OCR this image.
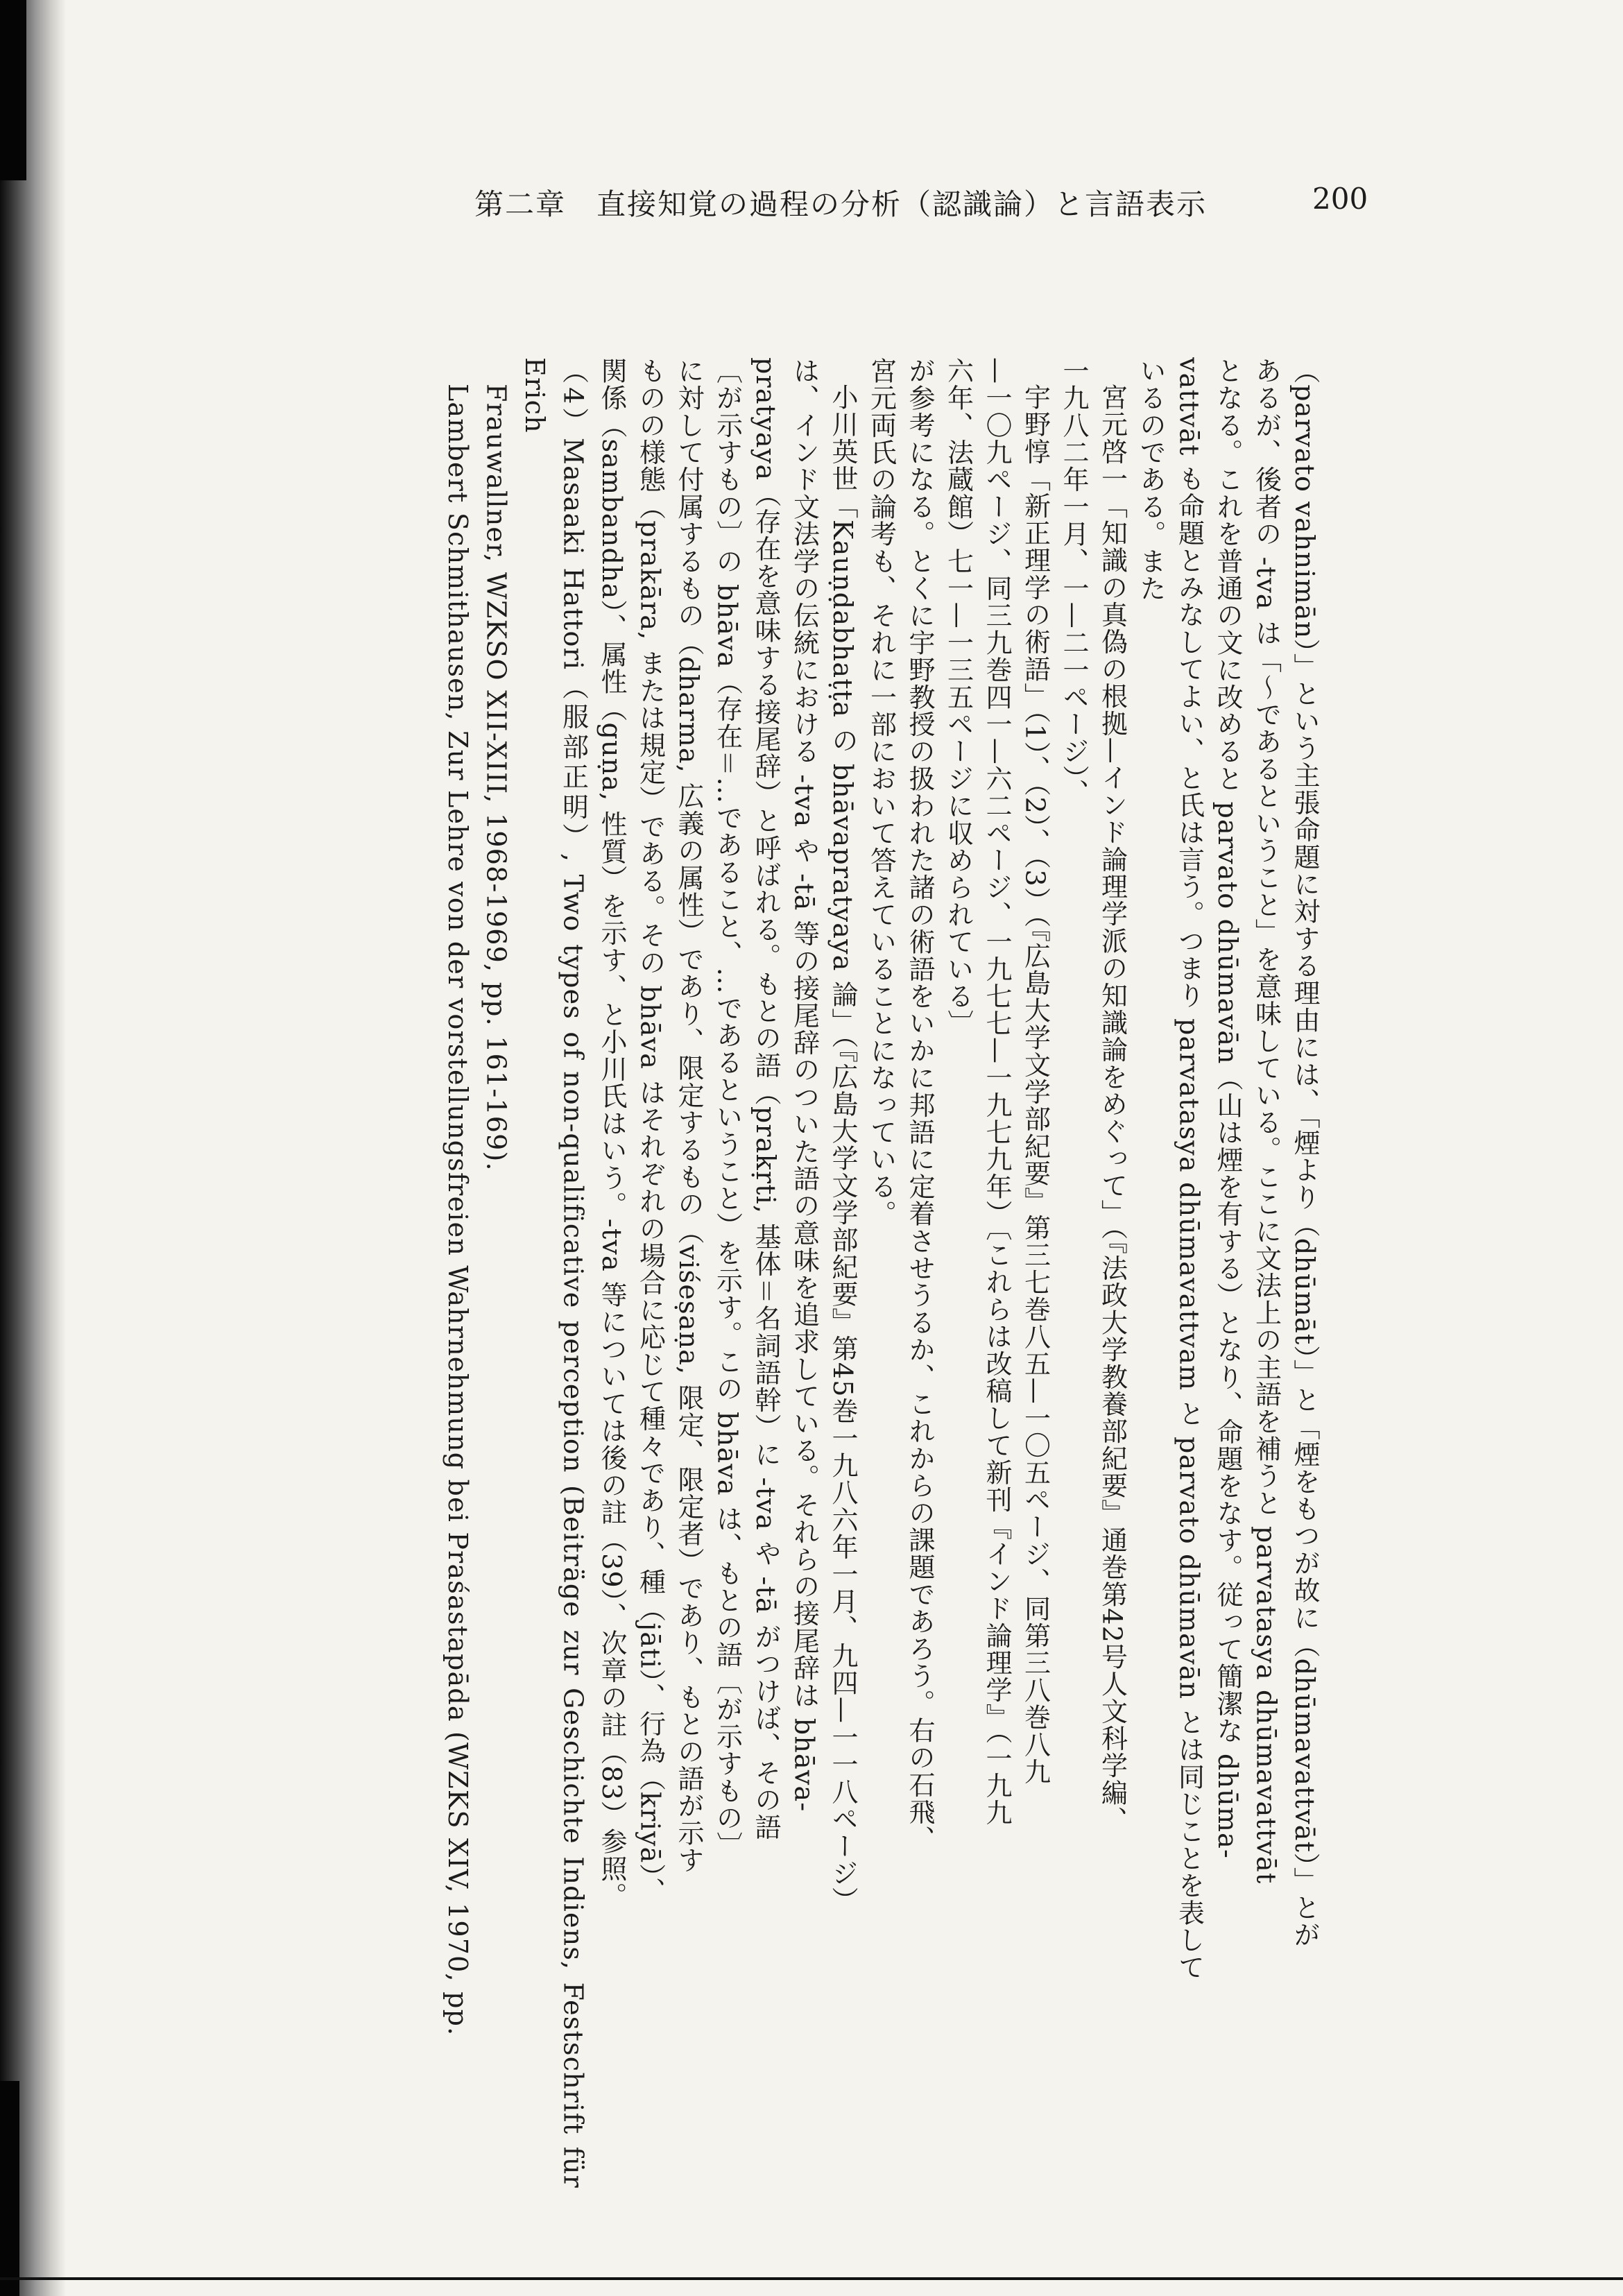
第二章　直接知覚の過程の分析（認識論）と言語表示	200

（parvato vahnimān）」という主張命題に対する理由には、「煙より（dhūmāt）」と「煙をもつが故に（dhūmavattvāt）」とが

あるが、後者の -tva は「～であるということ」を意味している。ここに文法上の主語を補うと parvatasya dhūmavattvāt

となる。これを普通の文に改めると parvato dhūmavān（山は煙を有する）となり、命題をなす。従って簡潔な dhūma-

vattvāt も命題とみなしてよい、と氏は言う。つまり parvatasya dhūmavattvam と parvato dhūmavān とは同じことを表して

いるのである。また

宮元啓一「知識の真偽の根拠—インド論理学派の知識論をめぐって」（『法政大学教養部紀要』通巻第42号人文科学編、

一九八二年一月、一—二一ページ）、

宇野惇「新正理学の術語」（1）、（2）、（3）（『広島大学文学部紀要』第三七巻八五—一〇五ページ、同第三八巻八九

—一〇九ページ、同三九巻四一—六二ページ、一九七七—一九七九年）〔これらは改稿して新刊『インド論理学』（一九九

六年、法蔵館）七一—一三五ページに収められている〕

が参考になる。とくに宇野教授の扱われた諸の術語をいかに邦語に定着させうるか、これからの課題であろう。右の石飛、

宮元両氏の論考も、それに一部において答えていることになっている。

小川英世「Kauṇḍabhaṭṭa の bhāvapratyaya 論」（『広島大学文学部紀要』第45巻一九八六年一月、九四—一一八ページ）

は、インド文法学の伝統における -tva や -tā 等の接尾辞のついた語の意味を追求している。それらの接尾辞は bhāva-

pratyaya（存在を意味する接尾辞）と呼ばれる。もとの語（prakṛti, 基体＝名詞語幹）に -tva や -tā がつけば、その語

〔が示すもの〕の bhāva（存在＝…であること、…であるということ）を示す。この bhāva は、もとの語〔が示すもの〕

に対して付属するもの（dharma, 広義の属性）であり、限定するもの（viśeṣaṇa, 限定、限定者）であり、もとの語が示す

ものの様態（prakāra, または規定）である。その bhāva はそれぞれの場合に応じて種々であり、種（jāti）、行為（kriyā）、

関係（sambandha）、属性（guṇa, 性質）を示す、と小川氏はいう。-tva 等については後の註（39）、次章の註（83）参照。

（4）Masaaki Hattori（服部正明）, Two types of non-qualificative perception (Beiträge zur Geschichte Indiens, Festschrift für Erich

Frauwallner, WZKSO XII-XIII, 1968-1969, pp. 161-169).

Lambert Schmithausen, Zur Lehre von der vorstellungsfreien Wahrnehmung bei Praśastapāda (WZKS XIV, 1970, pp.
